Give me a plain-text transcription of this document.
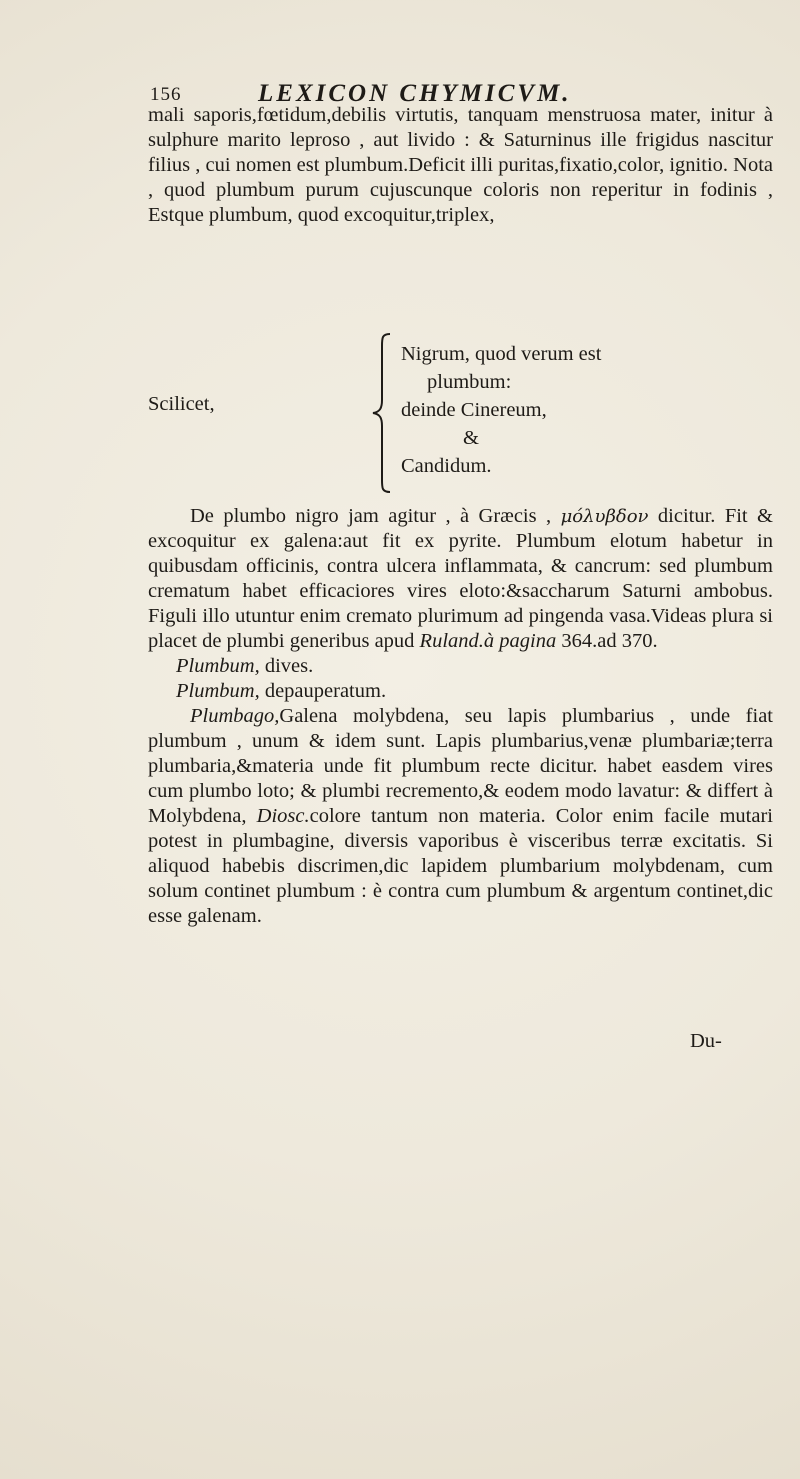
156	LEXICON CHYMICVM.

mali saporis,fœtidum,debilis virtutis, tanquam menstruosa mater, initur à sulphure marito leproso , aut livido : & Saturninus ille frigidus nascitur filius , cui nomen est plumbum.Deficit illi puritas,fixatio,color, ignitio. Nota , quod plumbum purum cujuscunque coloris non reperitur in fodinis , Estque plumbum, quod excoquitur,triplex,

Scilicet,
Nigrum, quod verum est
plumbum:
deinde Cinereum,
&
Candidum.

De plumbo nigro jam agitur , à Græcis , μόλυβδον dicitur. Fit & excoquitur ex galena:aut fit ex pyrite. Plumbum elotum habetur in quibusdam officinis, contra ulcera inflammata, & cancrum: sed plumbum crematum habet efficaciores vires eloto:&saccharum Saturni ambobus. Figuli illo utuntur enim cremato plurimum ad pingenda vasa.Videas plura si placet de plumbi generibus apud Ruland.à pagina 364.ad 370.

Plumbum, dives.

Plumbum, depauperatum.

Plumbago,Galena molybdena, seu lapis plumbarius , unde fiat plumbum , unum & idem sunt. Lapis plumbarius,venæ plumbariæ;terra plumbaria,&materia unde fit plumbum recte dicitur. habet easdem vires cum plumbo loto; & plumbi recremento,& eodem modo lavatur: & differt à Molybdena, Diosc.colore tantum non materia. Color enim facile mutari potest in plumbagine, diversis vaporibus è visceribus terræ excitatis. Si aliquod habebis discrimen,dic lapidem plumbarium molybdenam, cum solum continet plumbum : è contra cum plumbum & argentum continet,dic esse galenam.

Du-
